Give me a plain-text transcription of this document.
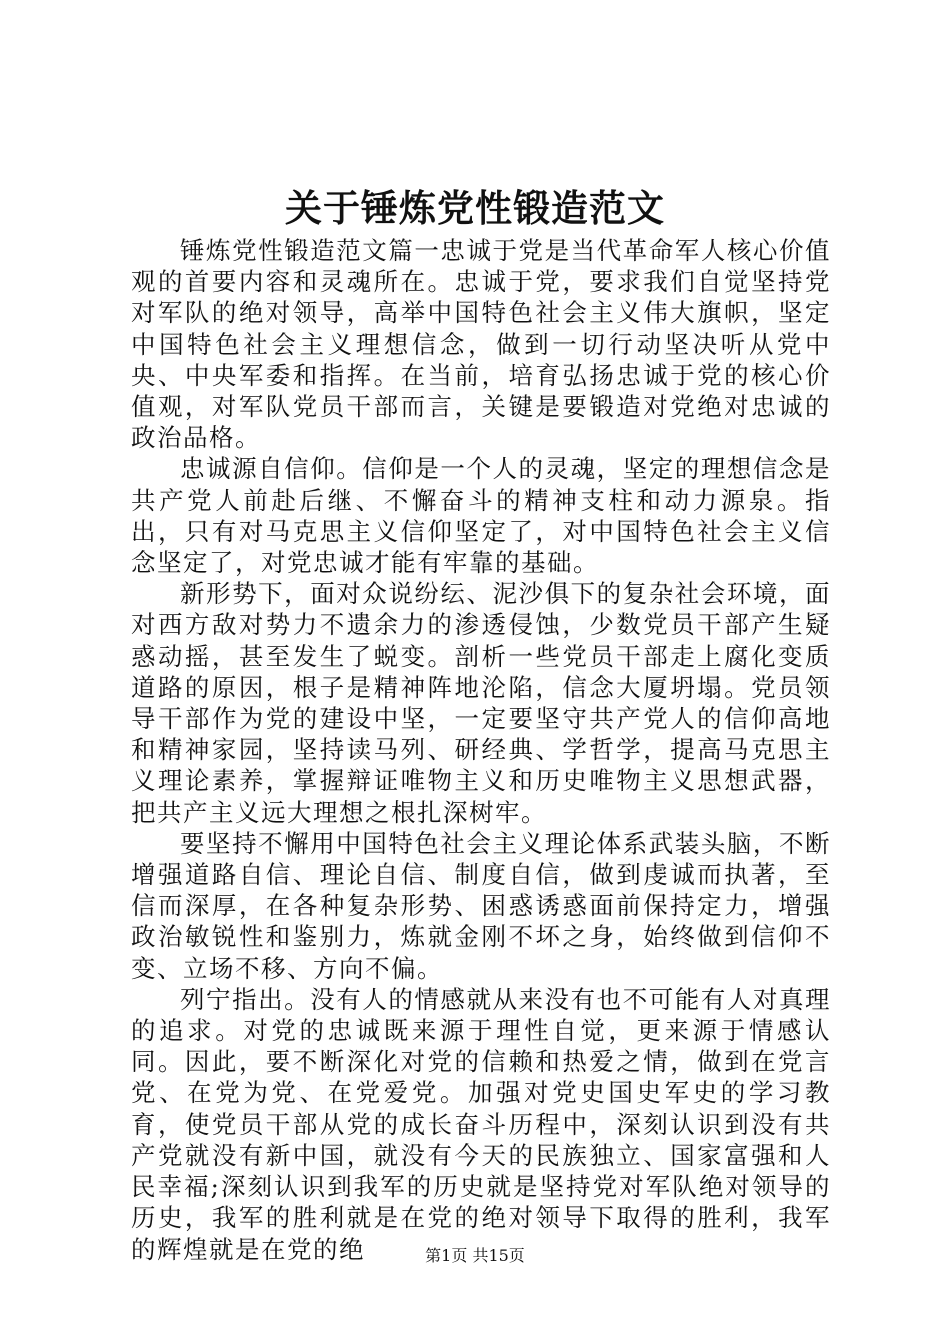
关于锤炼党性锻造范文

锤炼党性锻造范文篇一忠诚于党是当代革命军人核心价值观的首要内容和灵魂所在。忠诚于党，要求我们自觉坚持党对军队的绝对领导，高举中国特色社会主义伟大旗帜，坚定中国特色社会主义理想信念，做到一切行动坚决听从党中央、中央军委和指挥。在当前，培育弘扬忠诚于党的核心价值观，对军队党员干部而言，关键是要锻造对党绝对忠诚的政治品格。

忠诚源自信仰。信仰是一个人的灵魂，坚定的理想信念是共产党人前赴后继、不懈奋斗的精神支柱和动力源泉。指出，只有对马克思主义信仰坚定了，对中国特色社会主义信念坚定了，对党忠诚才能有牢靠的基础。

新形势下，面对众说纷纭、泥沙俱下的复杂社会环境，面对西方敌对势力不遗余力的渗透侵蚀，少数党员干部产生疑惑动摇，甚至发生了蜕变。剖析一些党员干部走上腐化变质道路的原因，根子是精神阵地沦陷，信念大厦坍塌。党员领导干部作为党的建设中坚，一定要坚守共产党人的信仰高地和精神家园，坚持读马列、研经典、学哲学，提高马克思主义理论素养，掌握辩证唯物主义和历史唯物主义思想武器，把共产主义远大理想之根扎深树牢。

要坚持不懈用中国特色社会主义理论体系武装头脑，不断增强道路自信、理论自信、制度自信，做到虔诚而执著，至信而深厚，在各种复杂形势、困惑诱惑面前保持定力，增强政治敏锐性和鉴别力，炼就金刚不坏之身，始终做到信仰不变、立场不移、方向不偏。

列宁指出。没有人的情感就从来没有也不可能有人对真理的追求。对党的忠诚既来源于理性自觉，更来源于情感认同。因此，要不断深化对党的信赖和热爱之情，做到在党言党、在党为党、在党爱党。加强对党史国史军史的学习教育，使党员干部从党的成长奋斗历程中，深刻认识到没有共产党就没有新中国，就没有今天的民族独立、国家富强和人民幸福;深刻认识到我军的历史就是坚持党对军队绝对领导的历史，我军的胜利就是在党的绝对领导下取得的胜利，我军的辉煌就是在党的绝	第1页 共15页
